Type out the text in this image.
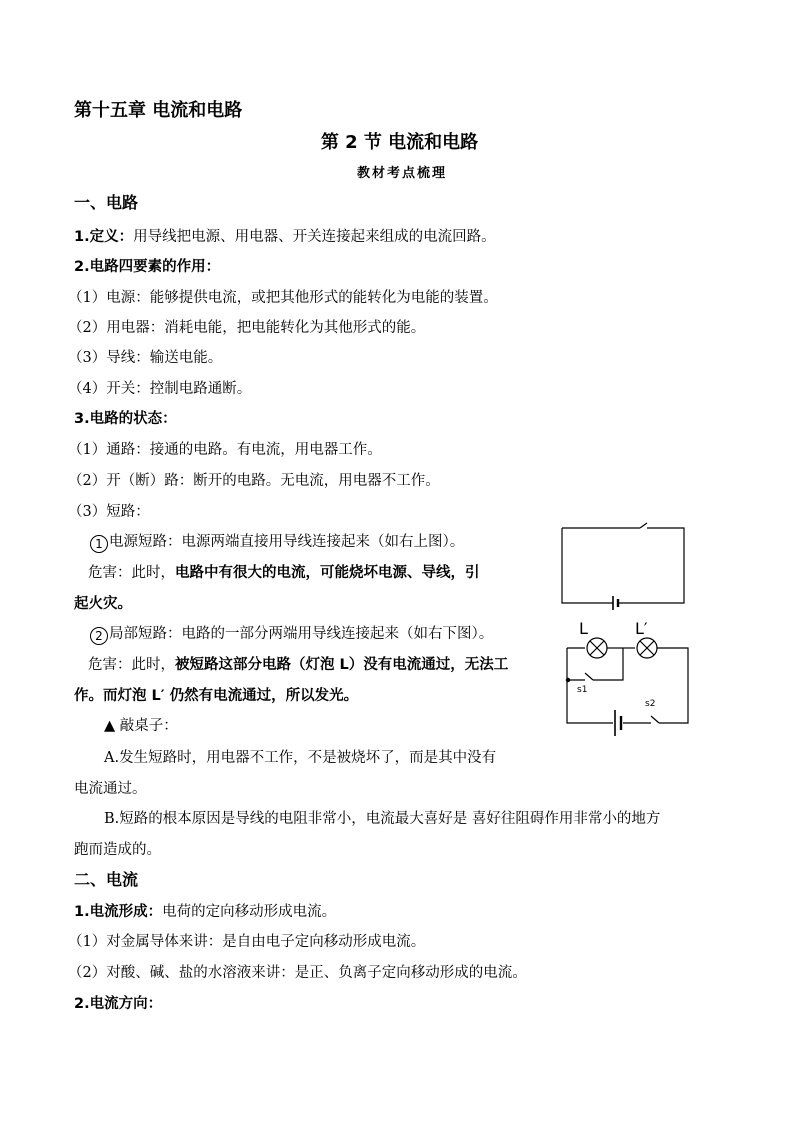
第十五章 电流和电路
第 2 节 电流和电路
教材考点梳理
一、电路
1.定义：用导线把电源、用电器、开关连接起来组成的电流回路。
2.电路四要素的作用：
（1）电源：能够提供电流，或把其他形式的能转化为电能的装置。
（2）用电器：消耗电能，把电能转化为其他形式的能。
（3）导线：输送电能。
（4）开关：控制电路通断。
3.电路的状态：
（1）通路：接通的电路。有电流，用电器工作。
（2）开（断）路：断开的电路。无电流，用电器不工作。
（3）短路：
1 电源短路：电源两端直接用导线连接起来（如右上图）。
危害：此时，电路中有很大的电流，可能烧坏电源、导线，引
起火灾。
2 局部短路：电路的一部分两端用导线连接起来（如右下图）。
危害：此时，被短路这部分电路（灯泡 L）没有电流通过，无法工
作。而灯泡 L′ 仍然有电流通过，所以发光。
▲ 敲桌子：
A.发生短路时，用电器不工作，不是被烧坏了，而是其中没有
电流通过。
B.短路的根本原因是导线的电阻非常小，电流最大喜好是 喜好往阻碍作用非常小的地方
跑而造成的。
二、电流
1.电流形成：电荷的定向移动形成电流。
（1）对金属导体来讲：是自由电子定向移动形成电流。
（2）对酸、碱、盐的水溶液来讲：是正、负离子定向移动形成的电流。
2.电流方向：
L	L′
s1
s2
